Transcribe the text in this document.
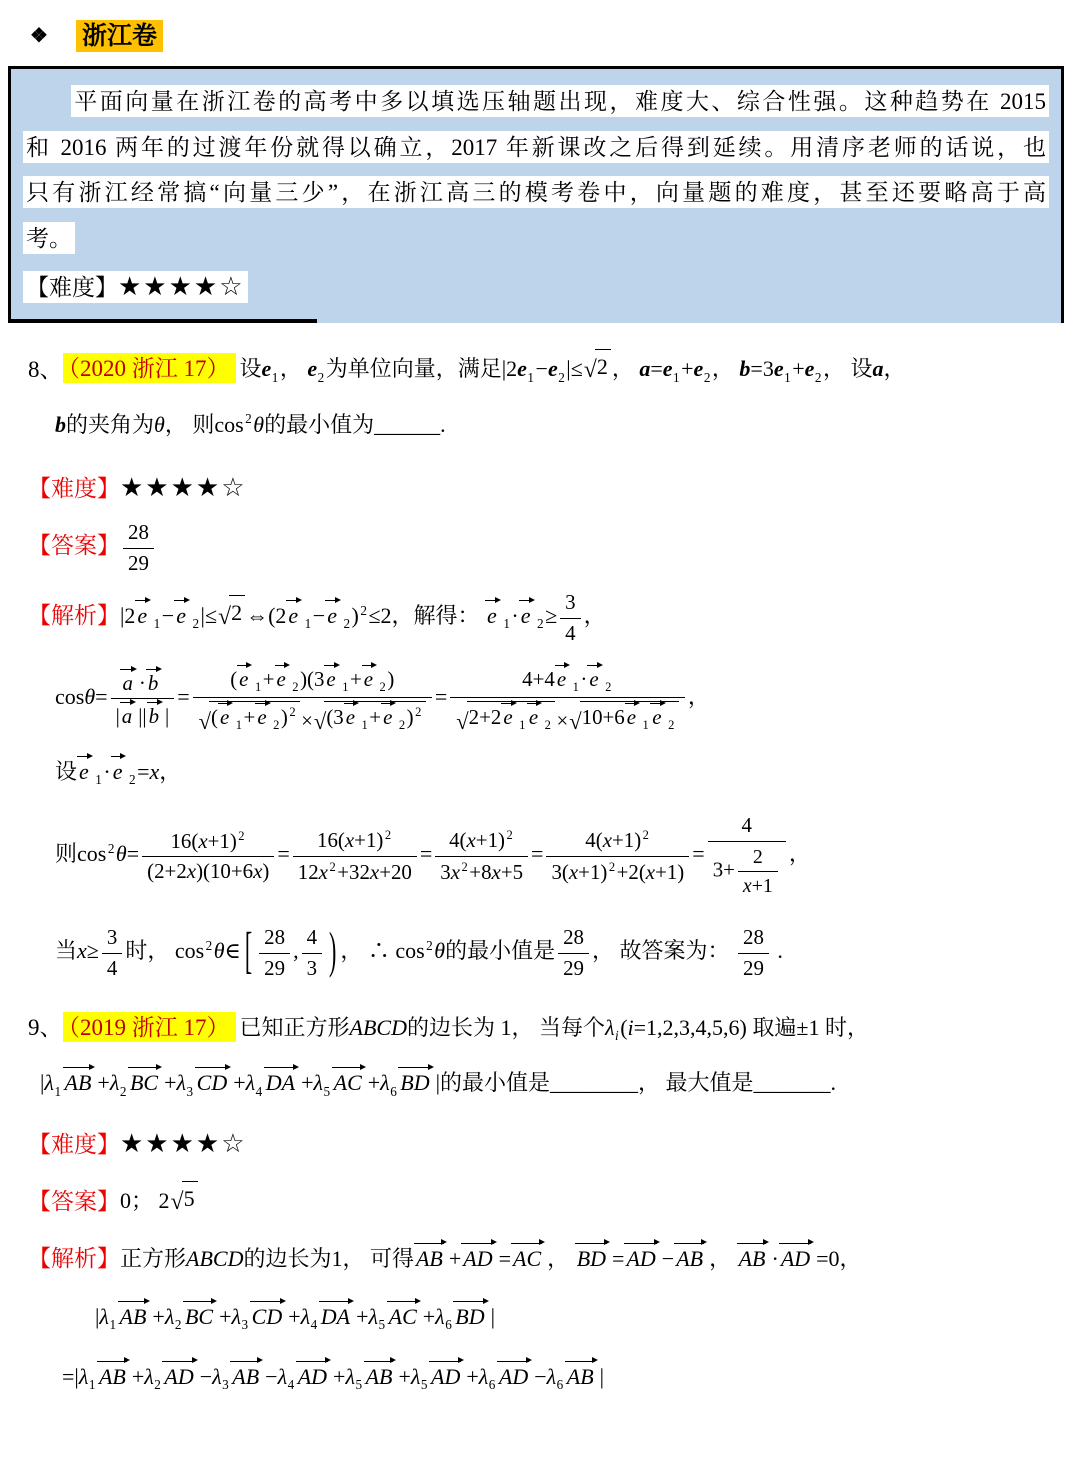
❖ 浙江卷

平面向量在浙江卷的高考中多以填选压轴题出现，难度大、综合性强。这种趋势在 2015

和 2016 两年的过渡年份就得以确立，2017 年新课改之后得到延续。用清序老师的话说，也

只有浙江经常搞“向量三少”，在浙江高三的模考卷中，向量题的难度，甚至还要略高于高

考。

【难度】★★★★☆

8、 （2020 浙江 17） 设$e_1$， $e_2$为单位向量，满足$|2e_1-e_2|\le$ √ 2 ， $a=e_1+e_2$， $b=3e_1+e_2$， 设a，
b的夹角为θ， 则cos $^2$θ的最小值为______.
【难度】★★★★☆
【答案】 $\frac{28}{29}$
【解析】|2e $_1$−e $_2$|≤ √ 2 ⇔(2e $_1$−e $_2$) $^2$≤2，解得： e $_1$·e $_2\ge \frac{3}{4}$ ，
$\cos\theta= \frac{a \cdot b}{|a ||b |} = \frac{(e _1+e _2)(3e _1+e _2)}{√ (e _1+e _2) ^2 \times √ (3e _1+e _2) ^2} = \frac{4+4e _1\cdot e _2}{√ 2+2e _1 e _2 \times √ 10+6e _1 e _2}$ ，
设e $_1$·e $_2$=x，
则$\cos ^2\theta= \frac{16(x+1) ^2}{(2+2x)(10+6x)} = \frac{16(x+1) ^2}{12x ^2+32x+20} = \frac{4(x+1) ^2}{3x ^2+8x+5} = \frac{4(x+1) ^2}{3(x+1) ^2+2(x+1)} = \frac{4}{3+ \frac{2}{x+1}}$ ，
当$x\ge \frac{3}{4}$ 时， cos $^2$θ∈ [ $\frac{28}{29}$ , $\frac{4}{3}$ ) ， ∴ cos $^2$θ的最小值是 $\frac{28}{29}$ ， 故答案为： $\frac{28}{29}$ .
9、 （2019 浙江 17） 已知正方形ABCD的边长为 1， 当每个$\lambda_i(i=1,2,3,4,5,6)$ 取遍±1 时，
$|\lambda_1$ AB $+\lambda_2$ BC $+\lambda_3$ CD $+\lambda_4$ DA $+\lambda_5$ AC $+\lambda_6$ BD |的最小值是________， 最大值是_______.
【难度】★★★★☆
【答案】0； 2 √ 5
【解析】正方形ABCD的边长为1， 可得AB +AD =AC ， BD =AD −AB ， AB ·AD =0，
$|\lambda_1$ AB $+\lambda_2$ BC $+\lambda_3$ CD $+\lambda_4$ DA $+\lambda_5$ AC $+\lambda_6$ BD |
$=|\lambda_1$ AB $+\lambda_2$ AD $-\lambda_3$ AB $-\lambda_4$ AD $+\lambda_5$ AB $+\lambda_5$ AD $+\lambda_6$ AD $-\lambda_6$ AB |
